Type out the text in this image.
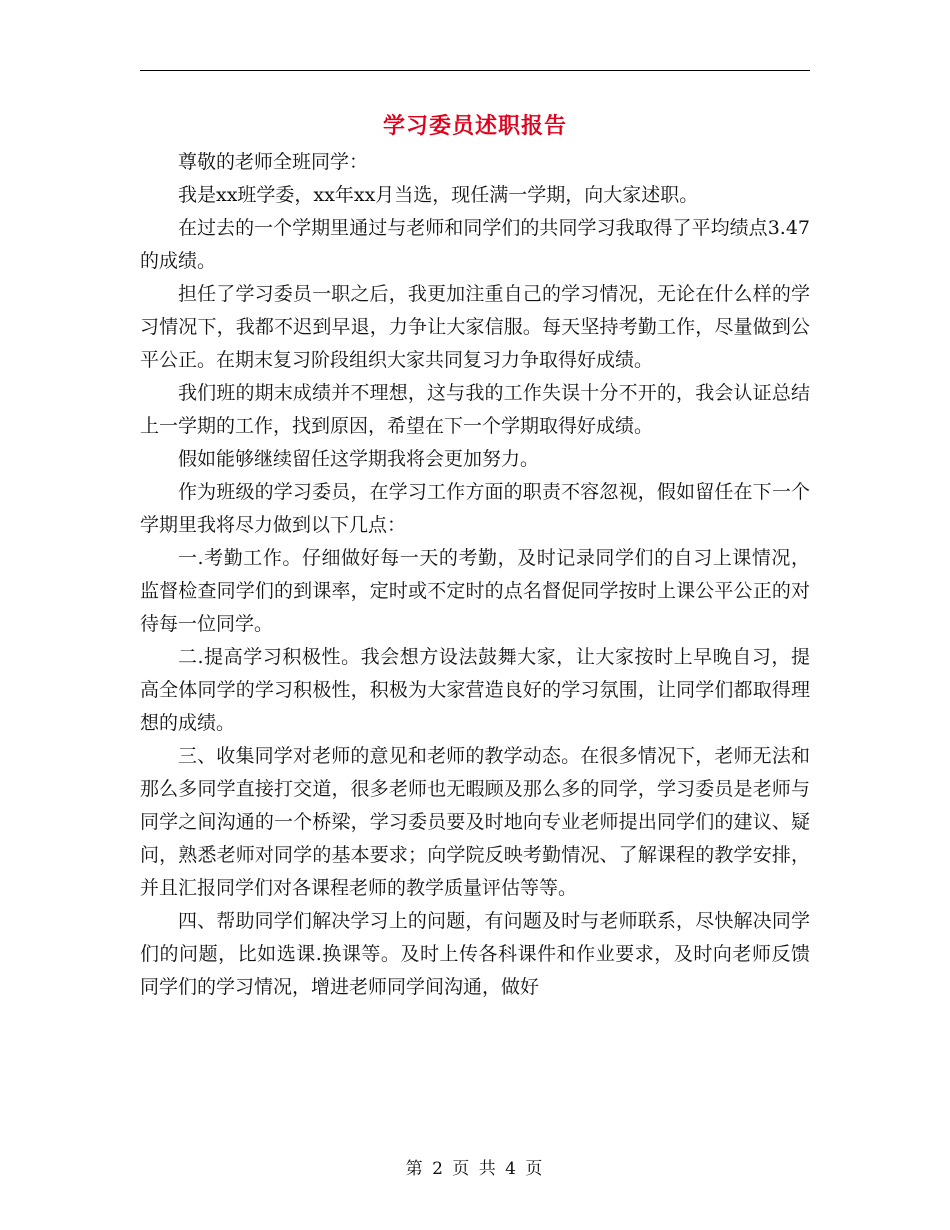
学习委员述职报告

尊敬的老师全班同学：

我是xx班学委，xx年xx月当选，现任满一学期，向大家述职。

在过去的一个学期里通过与老师和同学们的共同学习我取得了平均绩点3.47的成绩。

担任了学习委员一职之后，我更加注重自己的学习情况，无论在什么样的学习情况下，我都不迟到早退，力争让大家信服。每天坚持考勤工作，尽量做到公平公正。在期末复习阶段组织大家共同复习力争取得好成绩。

我们班的期末成绩并不理想，这与我的工作失误十分不开的，我会认证总结上一学期的工作，找到原因，希望在下一个学期取得好成绩。

假如能够继续留任这学期我将会更加努力。

作为班级的学习委员，在学习工作方面的职责不容忽视，假如留任在下一个学期里我将尽力做到以下几点：

一.考勤工作。仔细做好每一天的考勤，及时记录同学们的自习上课情况，监督检查同学们的到课率，定时或不定时的点名督促同学按时上课公平公正的对待每一位同学。

二.提高学习积极性。我会想方设法鼓舞大家，让大家按时上早晚自习，提高全体同学的学习积极性，积极为大家营造良好的学习氛围，让同学们都取得理想的成绩。

三、收集同学对老师的意见和老师的教学动态。在很多情况下，老师无法和那么多同学直接打交道，很多老师也无暇顾及那么多的同学，学习委员是老师与同学之间沟通的一个桥梁，学习委员要及时地向专业老师提出同学们的建议、疑问，熟悉老师对同学的基本要求；向学院反映考勤情况、了解课程的教学安排，并且汇报同学们对各课程老师的教学质量评估等等。

四、帮助同学们解决学习上的问题，有问题及时与老师联系，尽快解决同学们的问题，比如选课.换课等。及时上传各科课件和作业要求，及时向老师反馈同学们的学习情况，增进老师同学间沟通，做好

第 2 页 共 4 页
